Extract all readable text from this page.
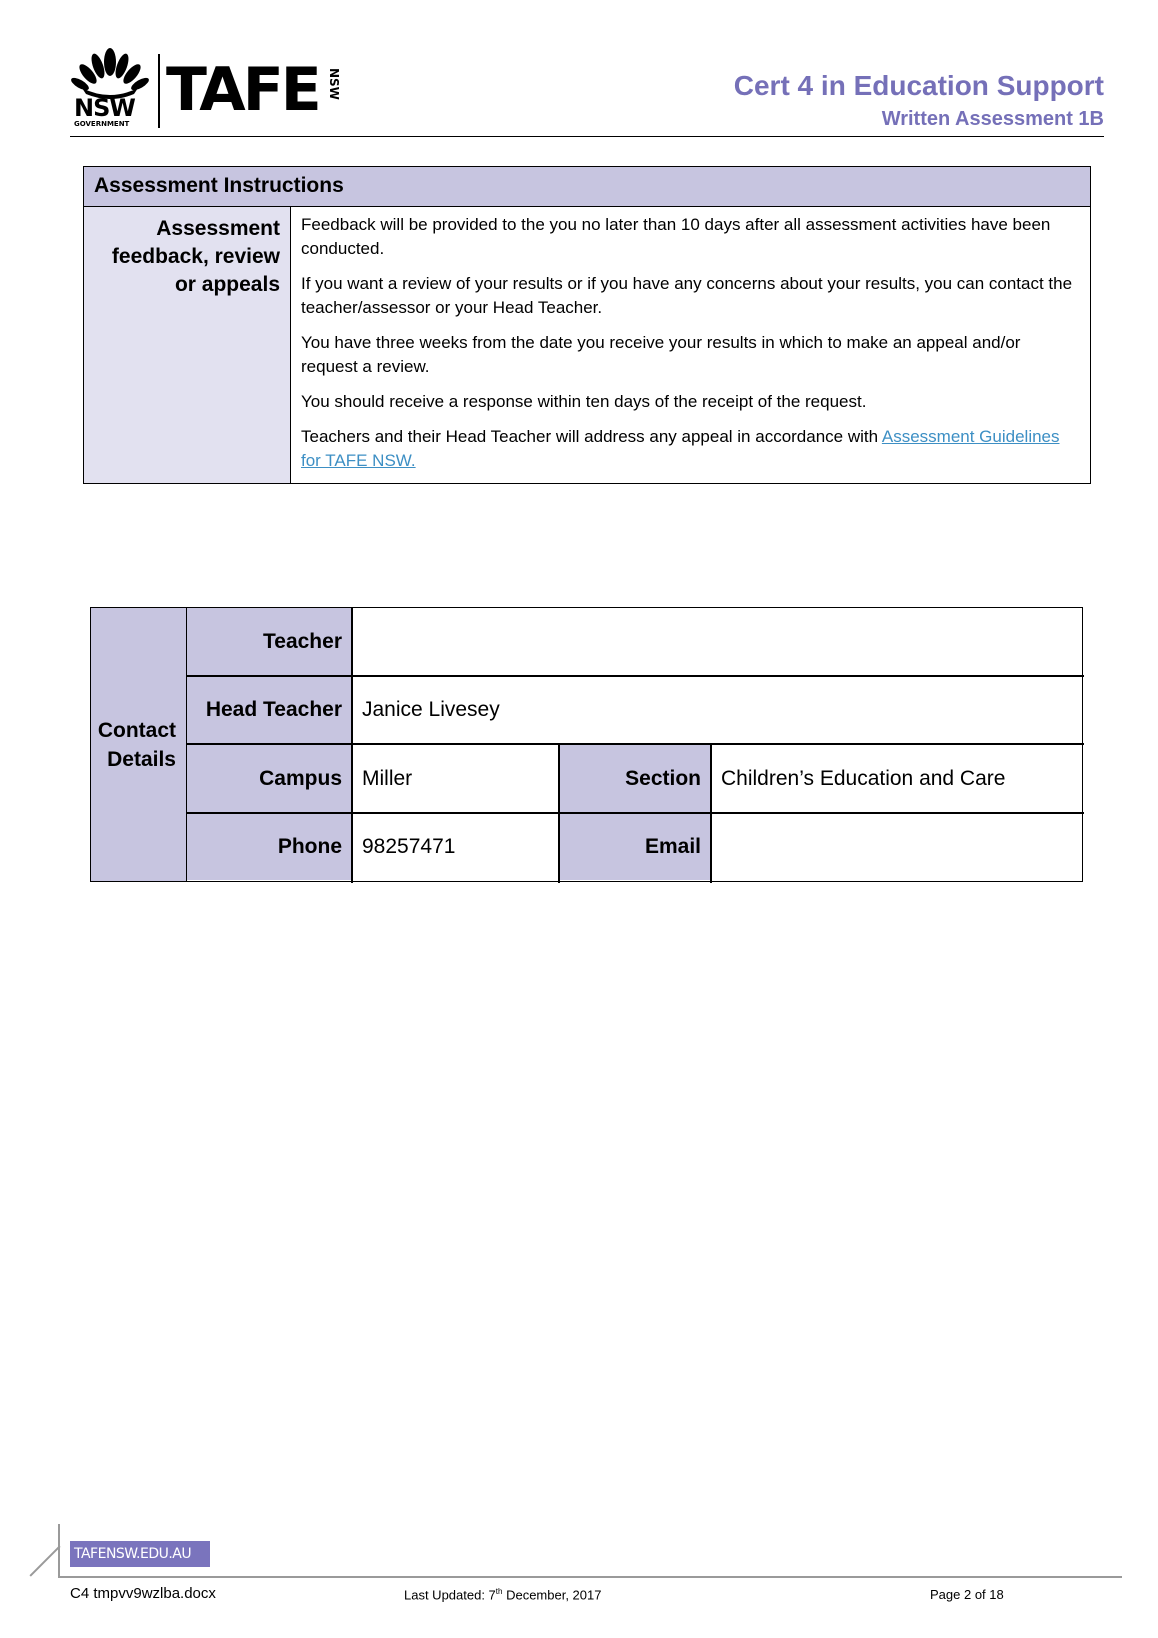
NSW
GOVERNMENT TAFE NSW	Cert 4 in Education Support
Written Assessment 1B
Assessment Instructions
Assessment
feedback, review
or appeals

Feedback will be provided to the you no later than 10 days after all assessment activities have been conducted.

If you want a review of your results or if you have any concerns about your results, you can contact the teacher/assessor or your Head Teacher.

You have three weeks from the date you receive your results in which to make an appeal and/or request a review.

You should receive a response within ten days of the receipt of the request.

Teachers and their Head Teacher will address any appeal in accordance with Assessment Guidelines for TAFE NSW.

Contact
Details
Teacher
Head Teacher Janice Livesey
Campus Miller	Section Children’s Education and Care
Phone 98257471	Email
TAFENSW.EDU.AU
C4 tmpvv9wzlba.docx	Last Updated: 7th December, 2017	Page 2 of 18
